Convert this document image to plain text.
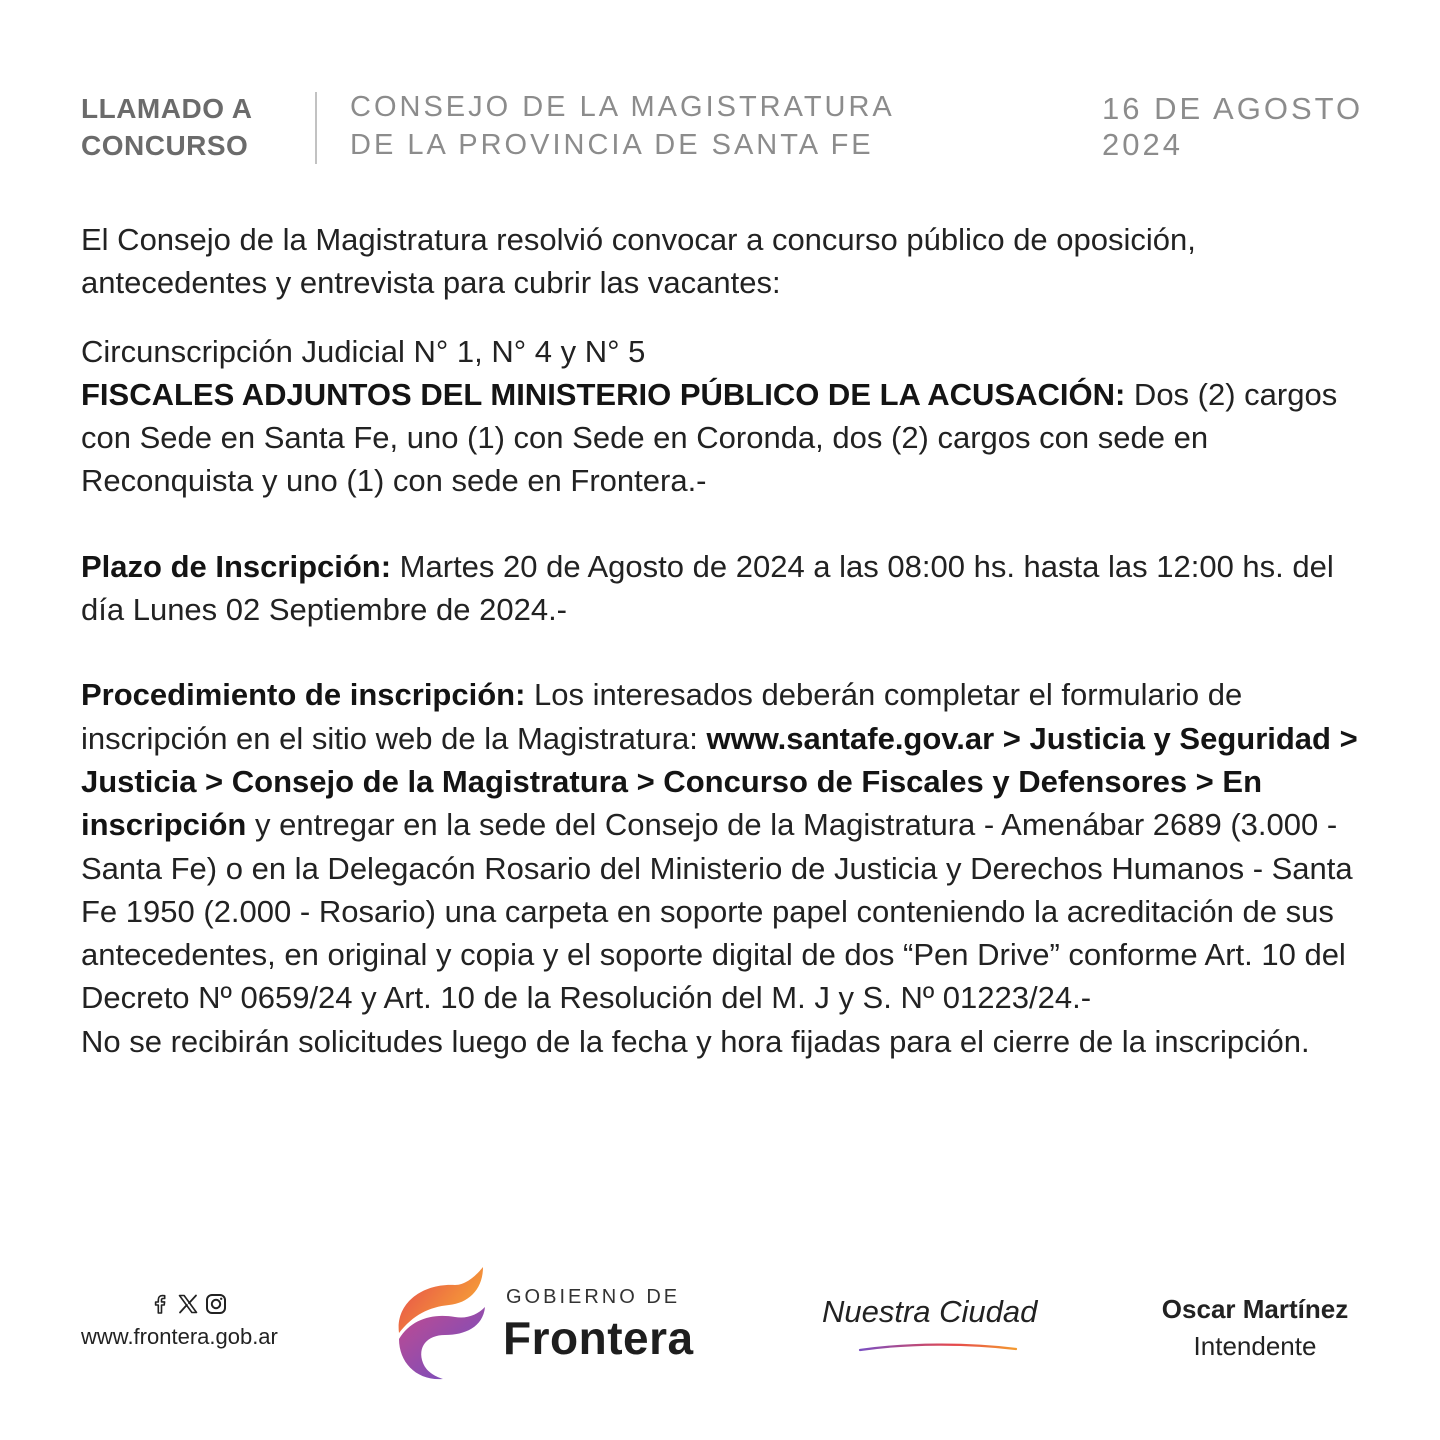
LLAMADO A
CONCURSO
CONSEJO DE LA MAGISTRATURA
DE LA PROVINCIA DE SANTA FE
16 DE AGOSTO
2024

El Consejo de la Magistratura resolvió convocar a concurso público de oposición, antecedentes y entrevista para cubrir las vacantes:

Circunscripción Judicial N° 1, N° 4 y N° 5

FISCALES ADJUNTOS DEL MINISTERIO PÚBLICO DE LA ACUSACIÓN: Dos (2) cargos con Sede en Santa Fe, uno (1) con Sede en Coronda, dos (2) cargos con sede en Reconquista y uno (1) con sede en Frontera.-

Plazo de Inscripción: Martes 20 de Agosto de 2024 a las 08:00 hs. hasta las 12:00 hs. del día Lunes 02 Septiembre de 2024.-

Procedimiento de inscripción: Los interesados deberán completar el formulario de inscripción en el sitio web de la Magistratura: www.santafe.gov.ar > Justicia y Seguridad > Justicia > Consejo de la Magistratura > Concurso de Fiscales y Defensores > En inscripción y entregar en la sede del Consejo de la Magistratura - Amenábar 2689 (3.000 - Santa Fe) o en la Delegacón Rosario del Ministerio de Justicia y Derechos Humanos - Santa Fe 1950 (2.000 - Rosario) una carpeta en soporte papel conteniendo la acreditación de sus antecedentes, en original y copia y el soporte digital de dos “Pen Drive” conforme Art. 10 del Decreto Nº 0659/24 y Art. 10 de la Resolución del M. J y S. Nº 01223/24.-

No se recibirán solicitudes luego de la fecha y hora fijadas para el cierre de la inscripción.

www.frontera.gob.ar
GOBIERNO DE
Frontera
Nuestra Ciudad	Oscar Martínez
Intendente
